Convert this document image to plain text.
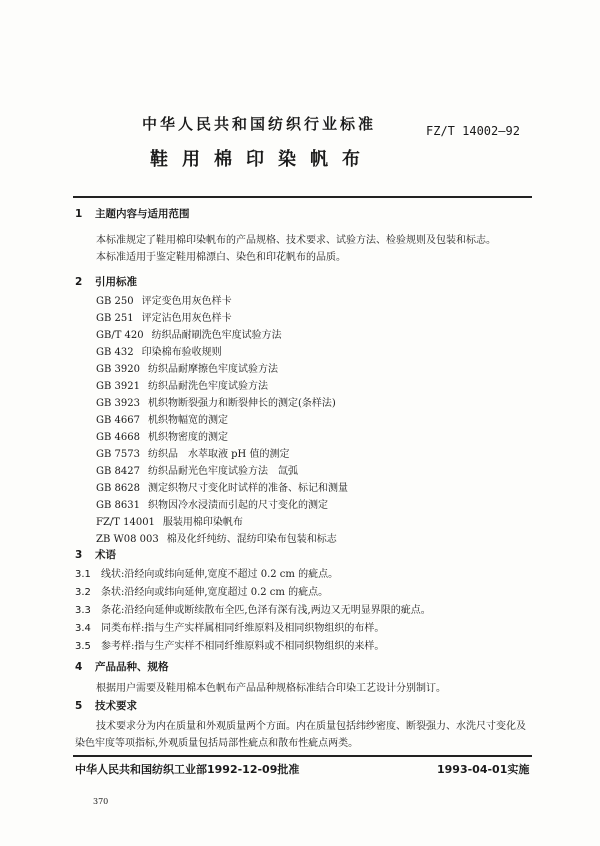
中华人民共和国纺织行业标准	FZ/T 14002—92
鞋用棉印染帆布
1 主题内容与适用范围
本标准规定了鞋用棉印染帆布的产品规格、技术要求、试验方法、检验规则及包装和标志。
本标准适用于鉴定鞋用棉漂白、染色和印花帆布的品质。
2 引用标准
GB 250 评定变色用灰色样卡
GB 251 评定沾色用灰色样卡
GB/T 420 纺织品耐刷洗色牢度试验方法
GB 432 印染棉布验收规则
GB 3920 纺织品耐摩擦色牢度试验方法
GB 3921 纺织品耐洗色牢度试验方法
GB 3923 机织物断裂强力和断裂伸长的测定(条样法)
GB 4667 机织物幅宽的测定
GB 4668 机织物密度的测定
GB 7573 纺织品　水萃取液 pH 值的测定
GB 8427 纺织品耐光色牢度试验方法　氙弧
GB 8628 测定织物尺寸变化时试样的准备、标记和测量
GB 8631 织物因冷水浸渍而引起的尺寸变化的测定
FZ/T 14001 服装用棉印染帆布
ZB W08 003 棉及化纤纯纺、混纺印染布包装和标志
3 术语
3.1 线状:沿经向或纬向延伸,宽度不超过 0.2 cm 的疵点。
3.2 条状:沿经向或纬向延伸,宽度超过 0.2 cm 的疵点。
3.3 条花:沿经向延伸或断续散布全匹,色泽有深有浅,两边又无明显界限的疵点。
3.4 同类布样:指与生产实样属相同纤维原料及相同织物组织的布样。
3.5 参考样:指与生产实样不相同纤维原料或不相同织物组织的来样。
4 产品品种、规格
根据用户需要及鞋用棉本色帆布产品品种规格标准结合印染工艺设计分别制订。
5 技术要求
技术要求分为内在质量和外观质量两个方面。内在质量包括纬纱密度、断裂强力、水洗尺寸变化及
染色牢度等项指标,外观质量包括局部性疵点和散布性疵点两类。
中华人民共和国纺织工业部1992-12-09批准	1993-04-01实施
370
